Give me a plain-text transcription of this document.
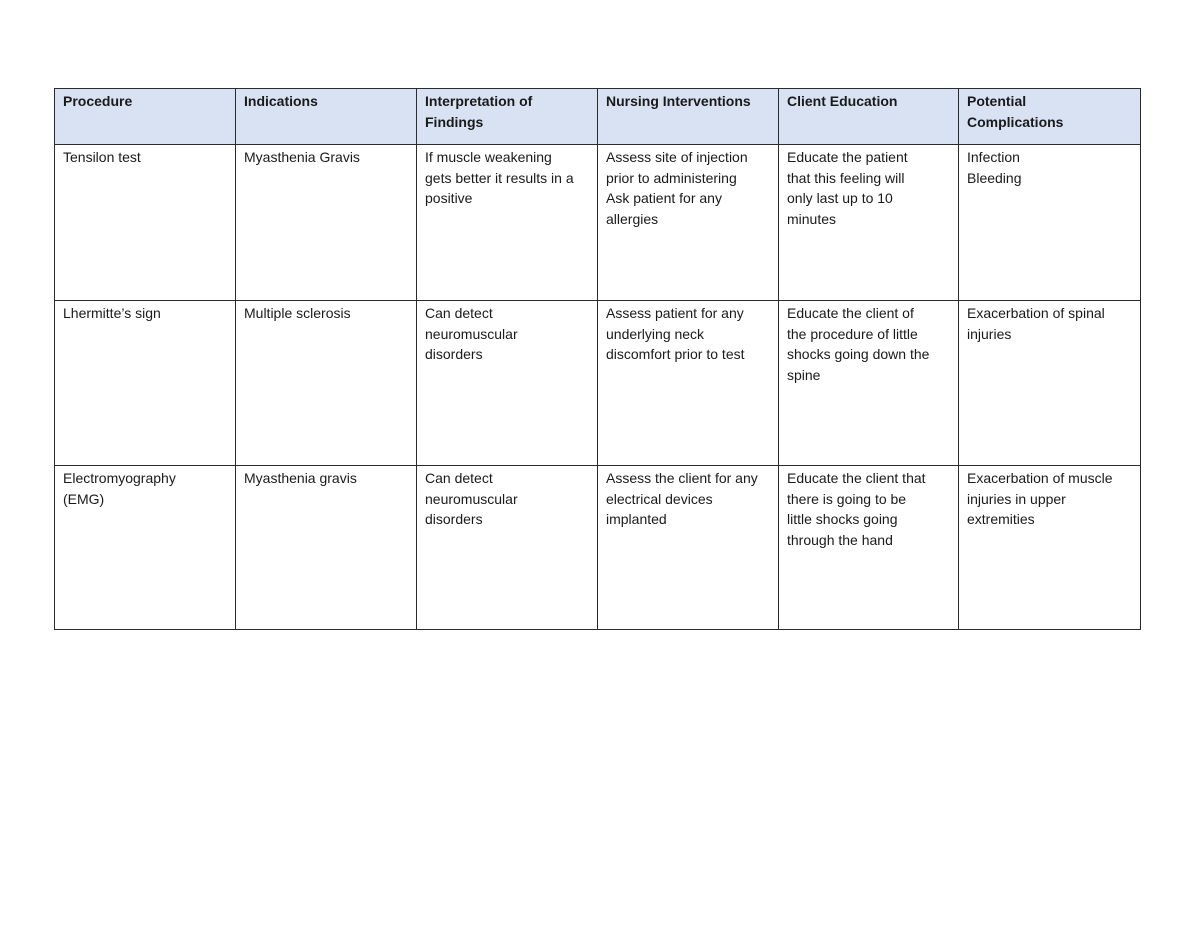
Procedure	Indications	Interpretation of
Findings	Nursing Interventions	Client Education	Potential
Complications

Tensilon test	Myasthenia Gravis	If muscle weakening
gets better it results in a
positive	Assess site of injection
prior to administering
Ask patient for any
allergies	Educate the patient
that this feeling will
only last up to 10
minutes	Infection
Bleeding

Lhermitte’s sign	Multiple sclerosis	Can detect
neuromuscular
disorders	Assess patient for any
underlying neck
discomfort prior to test	Educate the client of
the procedure of little
shocks going down the
spine	Exacerbation of spinal
injuries

Electromyography
(EMG)	Myasthenia gravis	Can detect
neuromuscular
disorders	Assess the client for any
electrical devices
implanted	Educate the client that
there is going to be
little shocks going
through the hand	Exacerbation of muscle
injuries in upper
extremities
